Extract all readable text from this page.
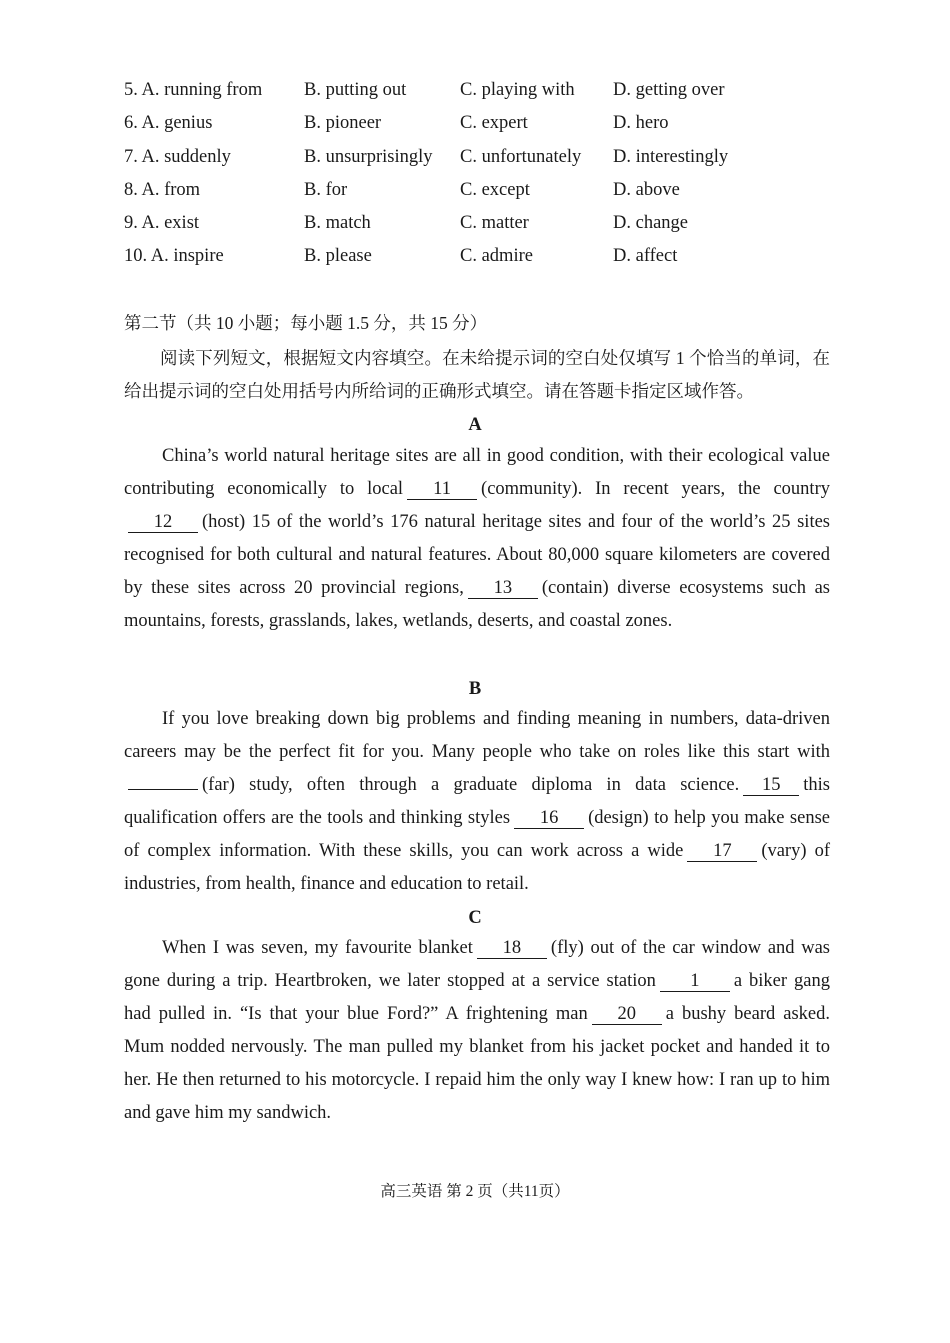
5. A. running from B. putting out	C. playing with D. getting over
6. A. genius	B. pioneer	C. expert	D. hero
7. A. suddenly	B. unsurprisingly C. unfortunately D. interestingly
8. A. from	B. for	C. except	D. above
9. A. exist	B. match	C. matter	D. change
10. A. inspire	B. please	C. admire	D. affect
第二节（共 10 小题；每小题 1.5 分，共 15 分）
阅读下列短文，根据短文内容填空。在未给提示词的空白处仅填写 1 个恰当的单词，在给出提示词的空白处用括号内所给词的正确形式填空。请在答题卡指定区域作答。
A

China’s world natural heritage sites are all in good condition, with their ecological value contributing economically to local 11 (community). In recent years, the country12 (host) 15 of the world’s 176 natural heritage sites and four of the world’s 25 sites recognised for both cultural and natural features. About 80,000 square kilometers are covered by these sites across 20 provincial regions, 13 (contain) diverse ecosystems such as mountains, forests, grasslands, lakes, wetlands, deserts, and coastal zones.

B

If you love breaking down big problems and finding meaning in numbers, data-driven careers may be the perfect fit for you. Many people who take on roles like this start with(far) study, often through a graduate diploma in data science. 15 this qualification offers are the tools and thinking styles 16 (design) to help you make sense of complex information. With these skills, you can work across a wide 17 (vary) of industries, from health, finance and education to retail.

C

When I was seven, my favourite blanket 18 (fly) out of the car window and was gone during a trip. Heartbroken, we later stopped at a service station 1 a biker gang had pulled in. “Is that your blue Ford?” A frightening man 20 a bushy beard asked. Mum nodded nervously. The man pulled my blanket from his jacket pocket and handed it to her. He then returned to his motorcycle. I repaid him the only way I knew how: I ran up to him and gave him my sandwich.

高三英语 第 2 页（共11页）
